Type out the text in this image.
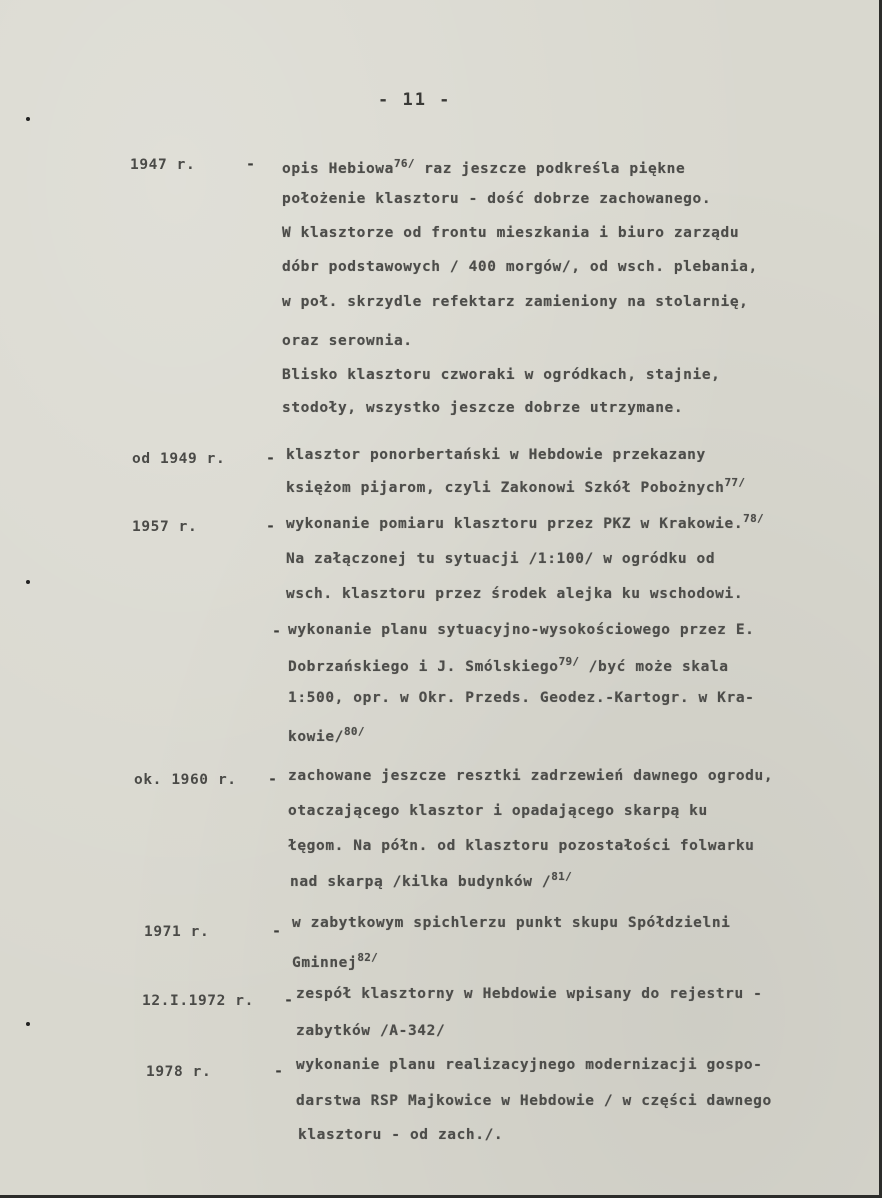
- 11 -
1947 r.	- opis Hebiowa$^{76/}$ raz jeszcze podkreśla piękne
położenie klasztoru - dość dobrze zachowanego.
W klasztorze od frontu mieszkania i biuro zarządu
dóbr podstawowych / 400 morgów/, od wsch. plebania,
w poł. skrzydle refektarz zamieniony na stolarnię,
oraz serownia.
Blisko klasztoru czworaki w ogródkach, stajnie,
stodoły, wszystko jeszcze dobrze utrzymane.
od 1949 r.	- klasztor ponorbertański w Hebdowie przekazany
księżom pijarom, czyli Zakonowi Szkół Pobożnych$^{77/}$
1957 r.	- wykonanie pomiaru klasztoru przez PKZ w Krakowie.$^{78/}$
Na załączonej tu sytuacji /1:100/ w ogródku od
wsch. klasztoru przez środek alejka ku wschodowi.
- wykonanie planu sytuacyjno-wysokościowego przez E.
Dobrzańskiego i J. Smólskiego$^{79/}$ /być może skala
1:500, opr. w Okr. Przeds. Geodez.-Kartogr. w Kra-
kowie/$^{80/}$
ok. 1960 r. - zachowane jeszcze resztki zadrzewień dawnego ogrodu,
otaczającego klasztor i opadającego skarpą ku
łęgom. Na półn. od klasztoru pozostałości folwarku
nad skarpą /kilka budynków /$^{81/}$
1971 r.	- w zabytkowym spichlerzu punkt skupu Spółdzielni
Gminnej$^{82/}$
12.I.1972 r. - zespół klasztorny w Hebdowie wpisany do rejestru -
zabytków /A-342/
1978 r.	- wykonanie planu realizacyjnego modernizacji gospo-
darstwa RSP Majkowice w Hebdowie / w części dawnego
klasztoru - od zach./.
